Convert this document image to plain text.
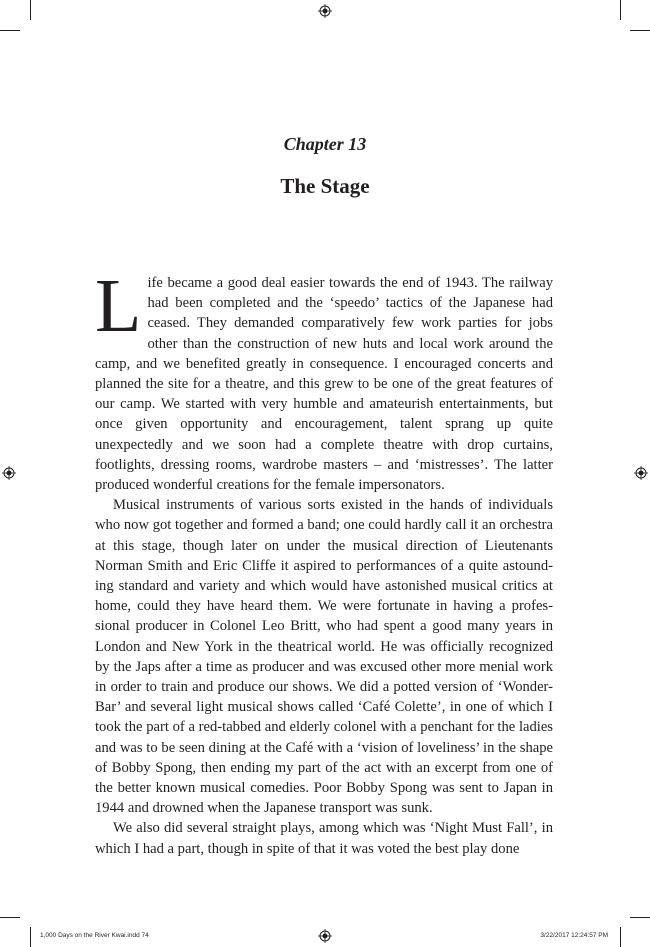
Chapter 13
The Stage

Life became a good deal easier towards the end of 1943. The railway had been completed and the ‘speedo’ tactics of the Japanese had ceased. They demanded comparatively few work parties for jobs other than the construction of new huts and local work around the camp, and we benefited greatly in consequence. I encouraged concerts and planned the site for a theatre, and this grew to be one of the great features of our camp. We started with very humble and amateurish entertainments, but once given opportunity and encouragement, talent sprang up quite unexpectedly and we soon had a complete theatre with drop curtains, footlights, dressing rooms, wardrobe masters – and ‘mistresses’. The latter produced wonderful creations for the female impersonators.

Musical instruments of various sorts existed in the hands of individuals who now got together and formed a band; one could hardly call it an orchestra at this stage, though later on under the musical direction of Lieutenants Norman Smith and Eric Cliffe it aspired to performances of a quite astounding standard and variety and which would have astonished musical critics at home, could they have heard them. We were fortunate in having a professional producer in Colonel Leo Britt, who had spent a good many years in London and New York in the theatrical world. He was officially recognized by the Japs after a time as producer and was excused other more menial work in order to train and produce our shows. We did a potted version of ‘Wonder-Bar’ and several light musical shows called ‘Café Colette’, in one of which I took the part of a red-tabbed and elderly colonel with a penchant for the ladies and was to be seen dining at the Café with a ‘vision of loveliness’ in the shape of Bobby Spong, then ending my part of the act with an excerpt from one of the better known musical comedies. Poor Bobby Spong was sent to Japan in 1944 and drowned when the Japanese transport was sunk.

We also did several straight plays, among which was ‘Night Must Fall’, in which I had a part, though in spite of that it was voted the best play done

1,000 Days on the River Kwai.indd 74	3/22/2017 12:24:57 PM
